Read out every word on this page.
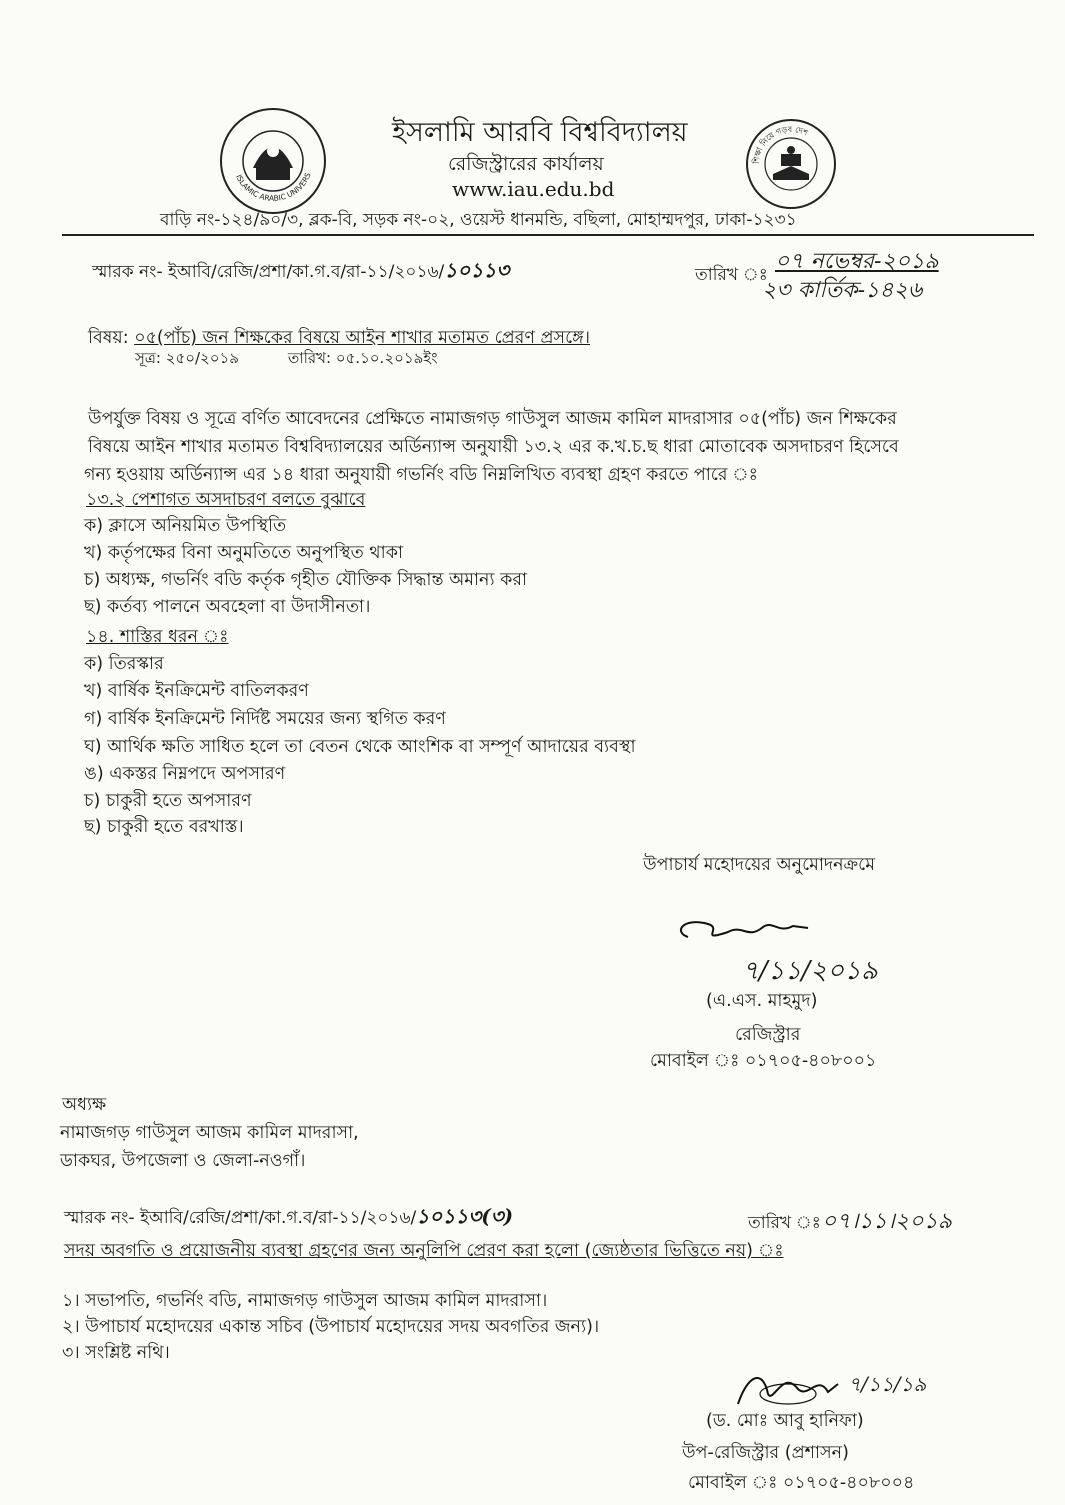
ISLAMIC ARABIC UNIVERS
ইসলামি আরবি বিশ্ববিদ্যালয়
রেজিস্ট্রারের কার্যালয়
www.iau.edu.bd
শিক্ষা নিয়ে গড়ব দেশ
বাড়ি নং-১২৪/৯০/৩, ব্লক-বি, সড়ক নং-০২, ওয়েস্ট ধানমন্ডি, বছিলা, মোহাম্মদপুর, ঢাকা-১২৩১
স্মারক নং- ইআবি/রেজি/প্রশা/কা.গ.ব/রা-১১/২০১৬/১০১১৩	তারিখ ঃ
০৭ নভেম্বর-২০১৯
২৩ কার্তিক-১৪২৬
বিষয়: ০৫(পাঁচ) জন শিক্ষকের বিষয়ে আইন শাখার মতামত প্রেরণ প্রসঙ্গে।
সূত্র: ২৫০/২০১৯	তারিখ: ০৫.১০.২০১৯ইং
উপর্যুক্ত বিষয় ও সূত্রে বর্ণিত আবেদনের প্রেক্ষিতে নামাজগড় গাউসুল আজম কামিল মাদরাসার ০৫(পাঁচ) জন শিক্ষকের
বিষয়ে আইন শাখার মতামত বিশ্ববিদ্যালয়ের অর্ডিন্যান্স অনুযায়ী ১৩.২ এর ক.খ.চ.ছ ধারা মোতাবেক অসদাচরণ হিসেবে
গন্য হওয়ায় অর্ডিন্যান্স এর ১৪ ধারা অনুযায়ী গভর্নিং বডি নিম্নলিখিত ব্যবস্থা গ্রহণ করতে পারে ঃ
১৩.২ পেশাগত অসদাচরণ বলতে বুঝাবে
ক) ক্লাসে অনিয়মিত উপস্থিতি
খ) কর্তৃপক্ষের বিনা অনুমতিতে অনুপস্থিত থাকা
চ) অধ্যক্ষ, গভর্নিং বডি কর্তৃক গৃহীত যৌক্তিক সিদ্ধান্ত অমান্য করা
ছ) কর্তব্য পালনে অবহেলা বা উদাসীনতা।
১৪. শাস্তির ধরন ঃ
ক) তিরস্কার
খ) বার্ষিক ইনক্রিমেন্ট বাতিলকরণ
গ) বার্ষিক ইনক্রিমেন্ট নির্দিষ্ট সময়ের জন্য স্থগিত করণ
ঘ) আর্থিক ক্ষতি সাধিত হলে তা বেতন থেকে আংশিক বা সম্পূর্ণ আদায়ের ব্যবস্থা
ঙ) একস্তর নিম্নপদে অপসারণ
চ) চাকুরী হতে অপসারণ
ছ) চাকুরী হতে বরখাস্ত।
উপাচার্য মহোদয়ের অনুমোদনক্রমে
৭/১১/২০১৯
(এ.এস. মাহমুদ)
রেজিস্ট্রার
মোবাইল ঃ ০১৭০৫-৪০৮০০১
অধ্যক্ষ
নামাজগড় গাউসুল আজম কামিল মাদরাসা,
ডাকঘর, উপজেলা ও জেলা-নওগাঁ।
স্মারক নং- ইআবি/রেজি/প্রশা/কা.গ.ব/রা-১১/২০১৬/১০১১৩(৩)	তারিখ ঃ ০৭।১১।২০১৯
সদয় অবগতি ও প্রয়োজনীয় ব্যবস্থা গ্রহণের জন্য অনুলিপি প্রেরণ করা হলো (জ্যেষ্ঠতার ভিত্তিতে নয়) ঃ
১। সভাপতি, গভর্নিং বডি, নামাজগড় গাউসুল আজম কামিল মাদরাসা।
২। উপাচার্য মহোদয়ের একান্ত সচিব (উপাচার্য মহোদয়ের সদয় অবগতির জন্য)।
৩। সংশ্লিষ্ট নথি।
৭/১১/১৯
(ড. মোঃ আবু হানিফা)
উপ-রেজিস্ট্রার (প্রশাসন)
মোবাইল ঃ ০১৭০৫-৪০৮০০৪
